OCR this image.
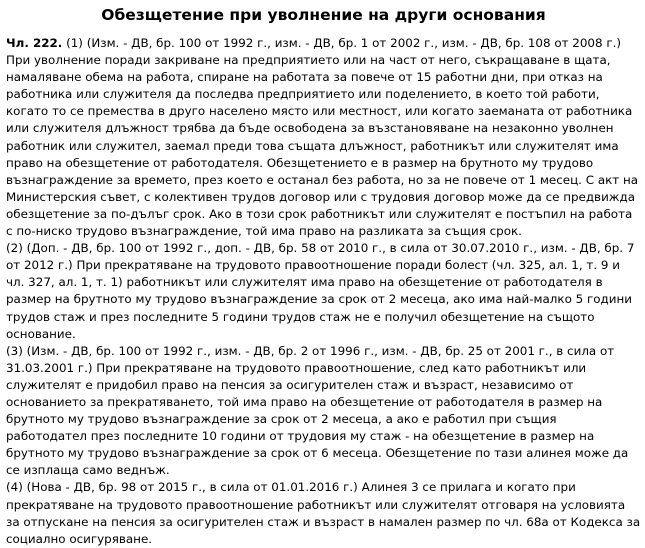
Обезщетение при уволнение на други основания

Чл. 222. (1) (Изм. - ДВ, бр. 100 от 1992 г., изм. - ДВ, бр. 1 от 2002 г., изм. - ДВ, бр. 108 от 2008 г.) При уволнение поради закриване на предприятието или на част от него, съкращаване в щата, намаляване обема на работа, спиране на работата за повече от 15 работни дни, при отказ на работника или служителя да последва предприятието или поделението, в което той работи, когато то се премества в друго населено място или местност, или когато заеманата от работника или служителя длъжност трябва да бъде освободена за възстановяване на незаконно уволнен работник или служител, заемал преди това същата длъжност, работникът или служителят има право на обезщетение от работодателя. Обезщетението е в размер на брутното му трудово възнаграждение за времето, през което е останал без работа, но за не повече от 1 месец. С акт на Министерския съвет, с колективен трудов договор или с трудовия договор може да се предвижда обезщетение за по-дълъг срок. Ако в този срок работникът или служителят е постъпил на работа с по-ниско трудово възнаграждение, той има право на разликата за същия срок.

(2) (Доп. - ДВ, бр. 100 от 1992 г., доп. - ДВ, бр. 58 от 2010 г., в сила от 30.07.2010 г., изм. - ДВ, бр. 7 от 2012 г.) При прекратяване на трудовото правоотношение поради болест (чл. 325, ал. 1, т. 9 и чл. 327, ал. 1, т. 1) работникът или служителят има право на обезщетение от работодателя в размер на брутното му трудово възнаграждение за срок от 2 месеца, ако има най-малко 5 години трудов стаж и през последните 5 години трудов стаж не е получил обезщетение на същото основание.

(3) (Изм. - ДВ, бр. 100 от 1992 г., изм. - ДВ, бр. 2 от 1996 г., изм. - ДВ, бр. 25 от 2001 г., в сила от 31.03.2001 г.) При прекратяване на трудовото правоотношение, след като работникът или служителят е придобил право на пенсия за осигурителен стаж и възраст, независимо от основанието за прекратяването, той има право на обезщетение от работодателя в размер на брутното му трудово възнаграждение за срок от 2 месеца, а ако е работил при същия работодател през последните 10 години от трудовия му стаж - на обезщетение в размер на брутното му трудово възнаграждение за срок от 6 месеца. Обезщетение по тази алинея може да се изплаща само веднъж.

(4) (Нова - ДВ, бр. 98 от 2015 г., в сила от 01.01.2016 г.) Алинея 3 се прилага и когато при прекратяване на трудовото правоотношение работникът или служителят отговаря на условията за отпускане на пенсия за осигурителен стаж и възраст в намален размер по чл. 68а от Кодекса за социално осигуряване.
